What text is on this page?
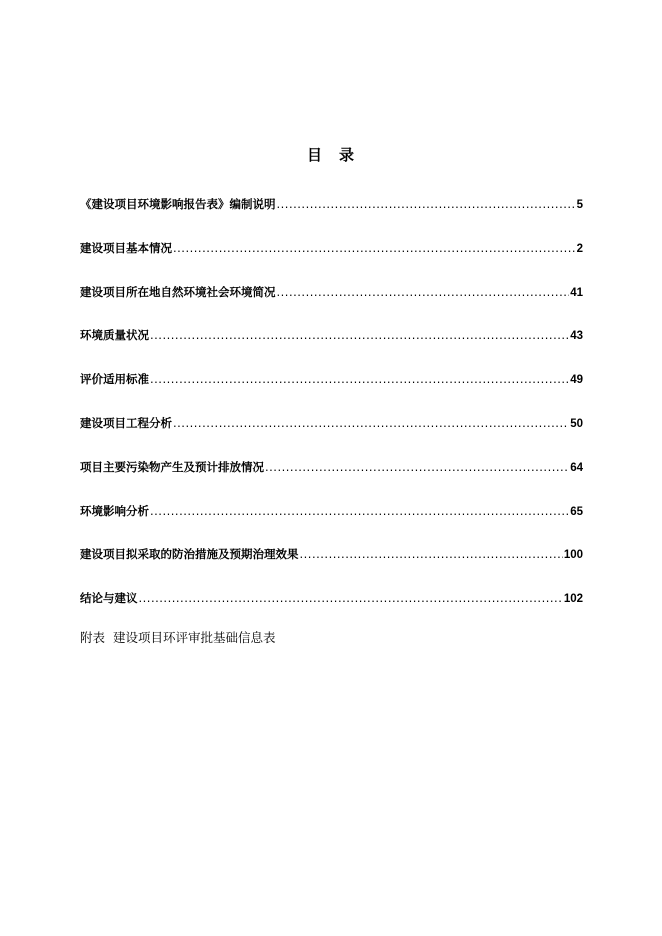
目　录
《建设项目环境影响报告表》编制说明 .....	5
建设项目基本情况 .....	2
建设项目所在地自然环境社会环境简况 .....	41
环境质量状况 .....	43
评价适用标准 .....	49
建设项目工程分析 .....	50
项目主要污染物产生及预计排放情况 .....	64
环境影响分析 .....	65
建设项目拟采取的防治措施及预期治理效果 .....	100
结论与建议 .....	102
附表  建设项目环评审批基础信息表
